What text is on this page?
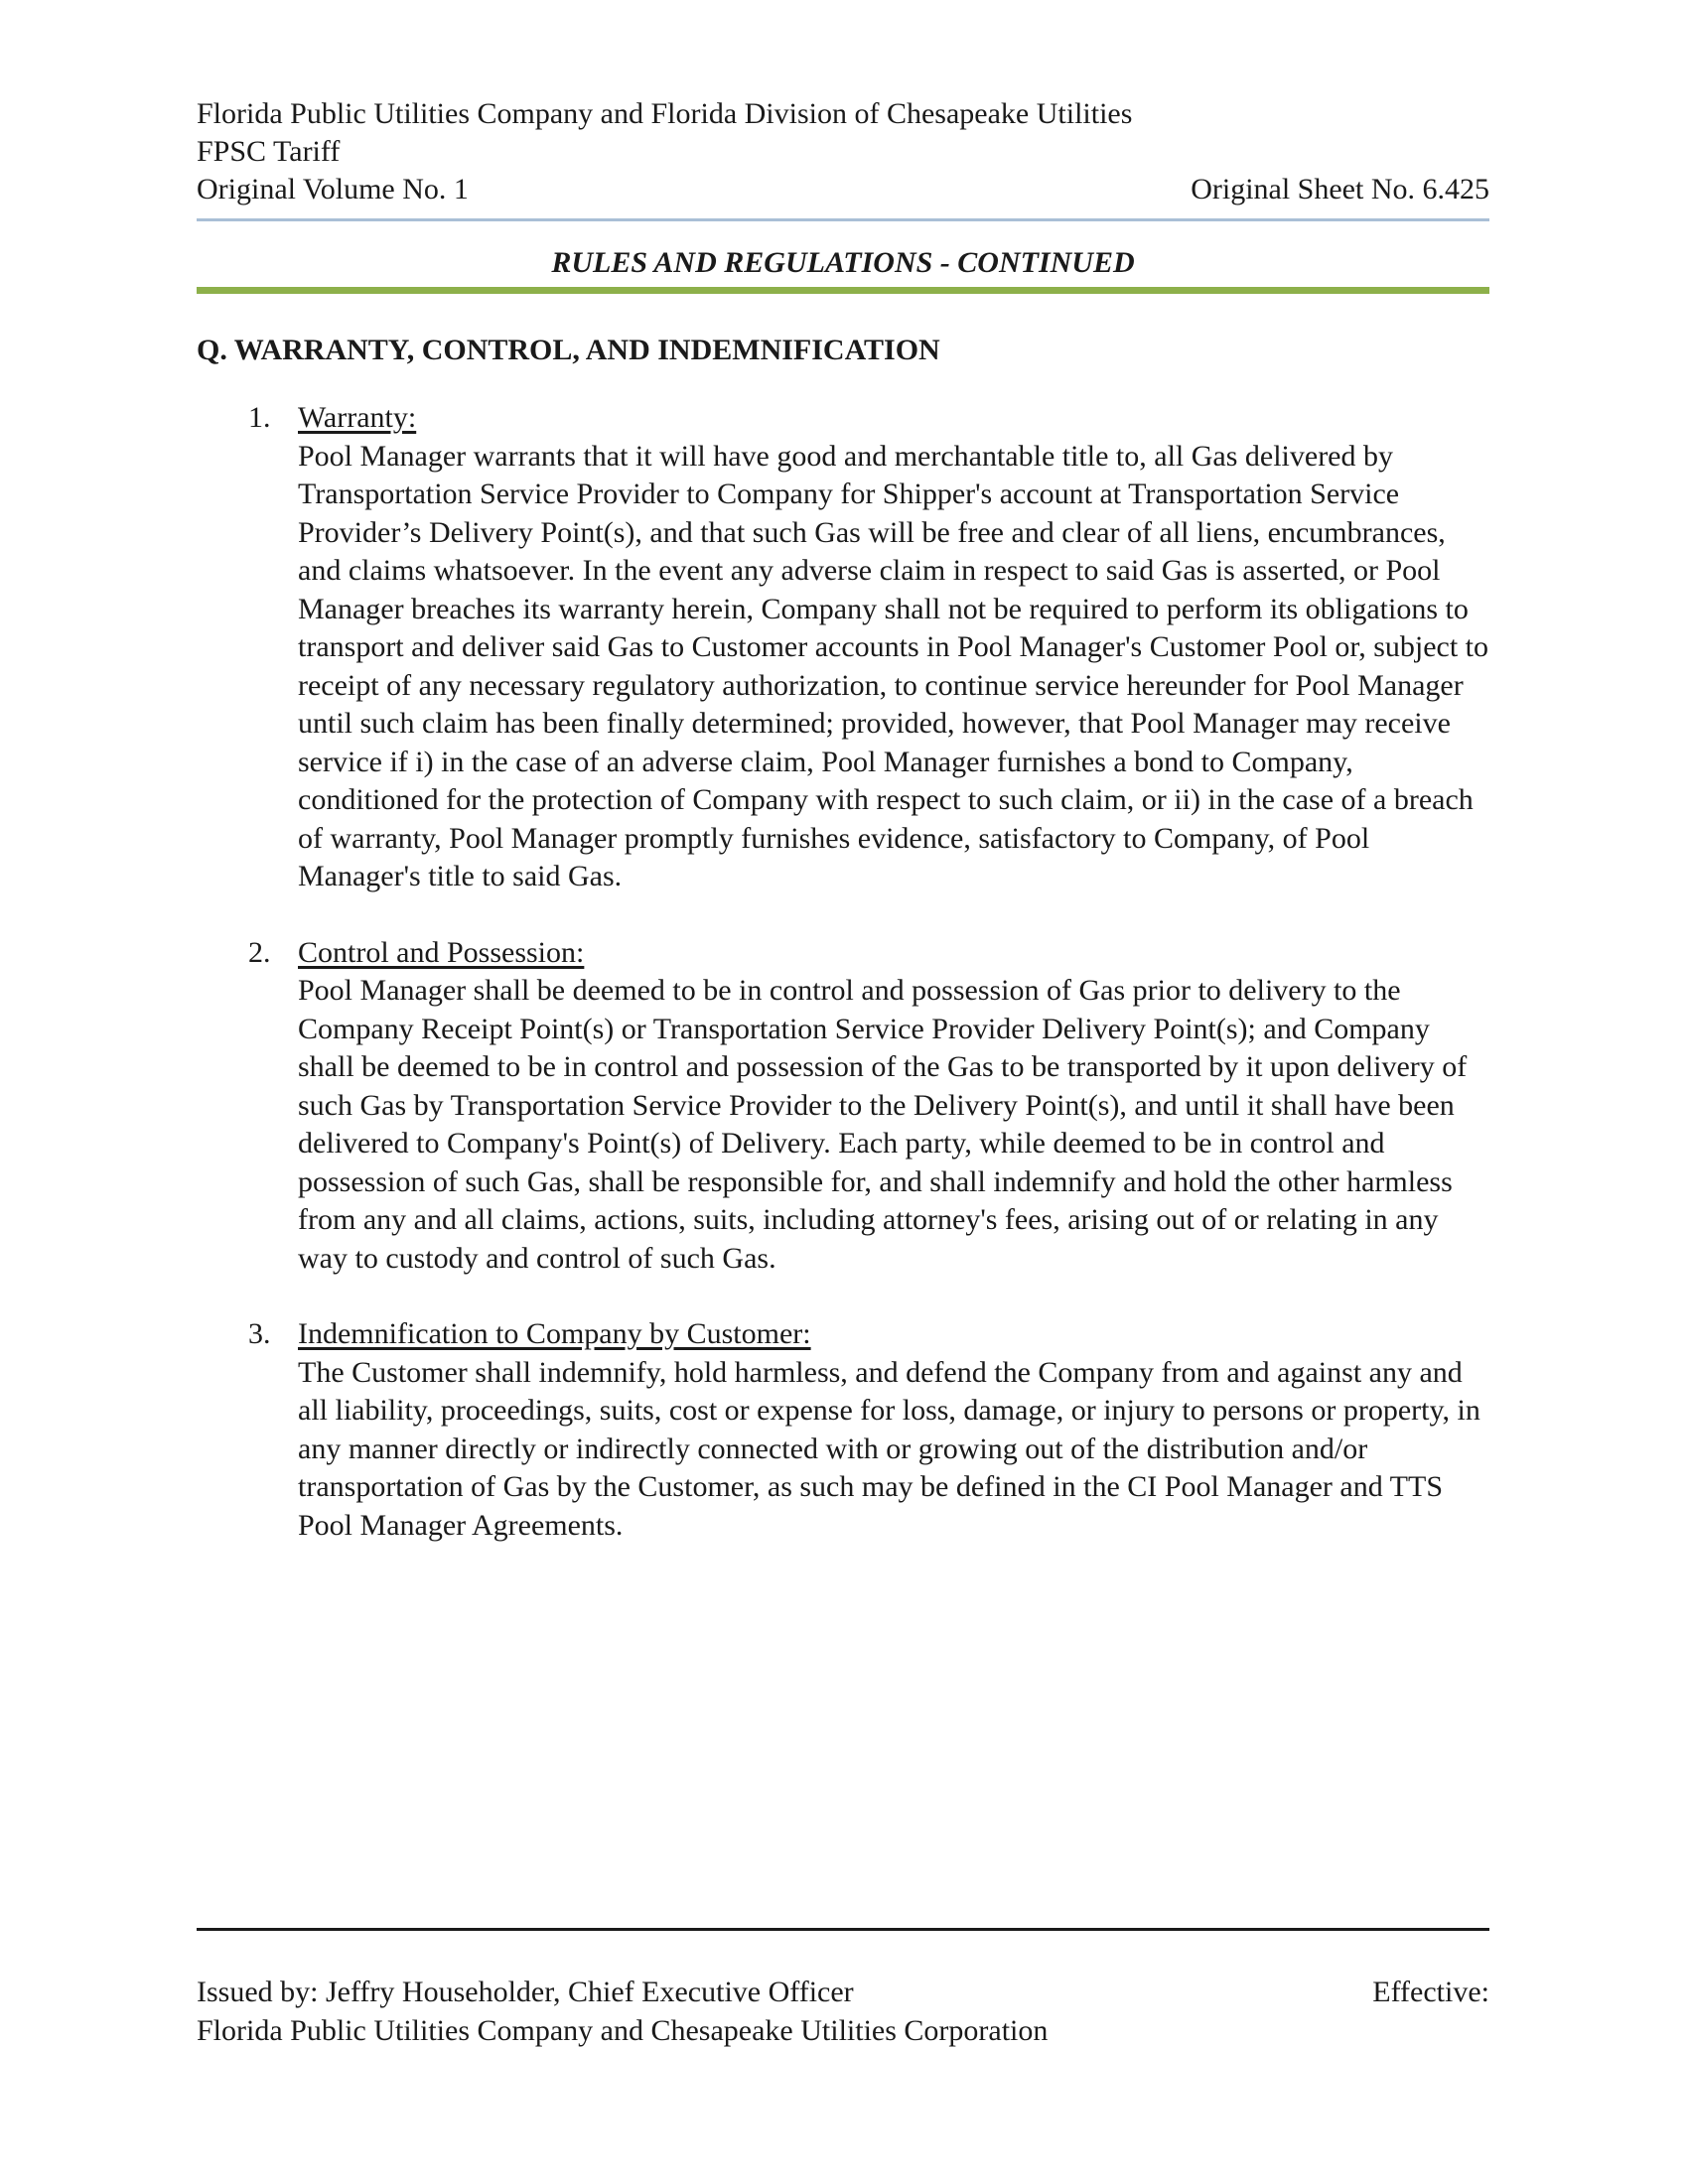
Florida Public Utilities Company and Florida Division of Chesapeake Utilities
FPSC Tariff
Original Volume No. 1	Original Sheet No. 6.425
RULES AND REGULATIONS - CONTINUED
Q. WARRANTY, CONTROL, AND INDEMNIFICATION
1. Warranty:
Pool Manager warrants that it will have good and merchantable title to, all Gas delivered by Transportation Service Provider to Company for Shipper's account at Transportation Service Provider’s Delivery Point(s), and that such Gas will be free and clear of all liens, encumbrances, and claims whatsoever. In the event any adverse claim in respect to said Gas is asserted, or Pool Manager breaches its warranty herein, Company shall not be required to perform its obligations to transport and deliver said Gas to Customer accounts in Pool Manager's Customer Pool or, subject to receipt of any necessary regulatory authorization, to continue service hereunder for Pool Manager until such claim has been finally determined; provided, however, that Pool Manager may receive service if i) in the case of an adverse claim, Pool Manager furnishes a bond to Company, conditioned for the protection of Company with respect to such claim, or ii) in the case of a breach of warranty, Pool Manager promptly furnishes evidence, satisfactory to Company, of Pool Manager's title to said Gas.
2. Control and Possession:
Pool Manager shall be deemed to be in control and possession of Gas prior to delivery to the Company Receipt Point(s) or Transportation Service Provider Delivery Point(s); and Company shall be deemed to be in control and possession of the Gas to be transported by it upon delivery of such Gas by Transportation Service Provider to the Delivery Point(s), and until it shall have been delivered to Company's Point(s) of Delivery. Each party, while deemed to be in control and possession of such Gas, shall be responsible for, and shall indemnify and hold the other harmless from any and all claims, actions, suits, including attorney's fees, arising out of or relating in any way to custody and control of such Gas.
3. Indemnification to Company by Customer:
The Customer shall indemnify, hold harmless, and defend the Company from and against any and all liability, proceedings, suits, cost or expense for loss, damage, or injury to persons or property, in any manner directly or indirectly connected with or growing out of the distribution and/or transportation of Gas by the Customer, as such may be defined in the CI Pool Manager and TTS Pool Manager Agreements.
Issued by: Jeffry Householder, Chief Executive Officer	Effective:
Florida Public Utilities Company and Chesapeake Utilities Corporation
